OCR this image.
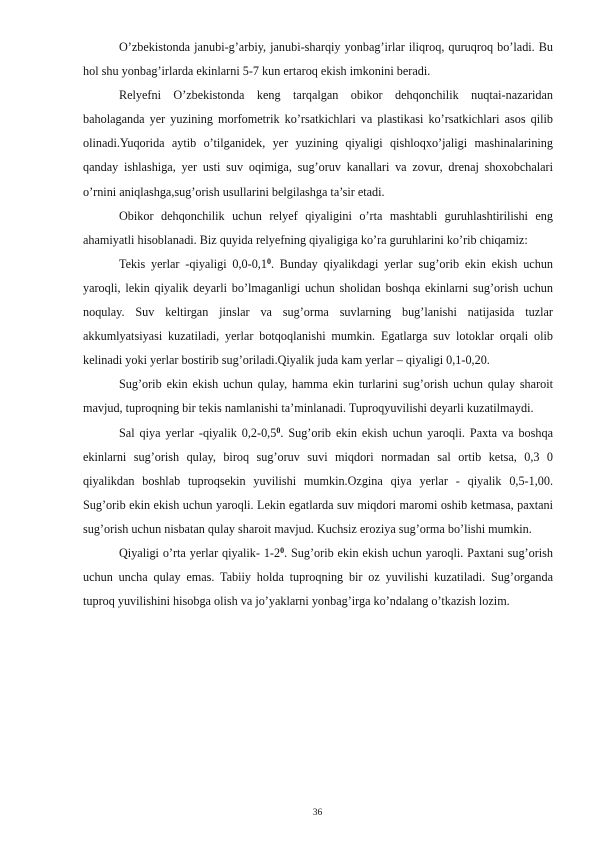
O’zbekistonda janubi-g’arbiy, janubi-sharqiy yonbag’irlar iliqroq, quruqroq bo’ladi. Bu hol shu yonbag’irlarda ekinlarni 5-7 kun ertaroq ekish imkonini beradi.

Relyefni O’zbekistonda keng tarqalgan obikor dehqonchilik nuqtai-nazaridan baholaganda yer yuzining morfometrik ko’rsatkichlari va plastikasi ko’rsatkichlari asos qilib olinadi.Yuqorida aytib o’tilganidek, yer yuzining qiyaligi qishloqxo’jaligi mashinalarining qanday ishlashiga, yer usti suv oqimiga, sug’oruv kanallari va zovur, drenaj shoxobchalari o’rnini aniqlashga,sug’orish usullarini belgilashga ta’sir etadi.

Obikor dehqonchilik uchun relyef qiyaligini o’rta mashtabli guruhlashtirilishi eng ahamiyatli hisoblanadi. Biz quyida relyefning qiyaligiga ko’ra guruhlarini ko’rib chiqamiz:

Tekis yerlar -qiyaligi $0,0-0,1^0$. Bunday qiyalikdagi yerlar sug’orib ekin ekish uchun yaroqli, lekin qiyalik deyarli bo’lmaganligi uchun sholidan boshqa ekinlarni sug’orish uchun noqulay. Suv keltirgan jinslar va sug’orma suvlarning bug’lanishi natijasida tuzlar akkumlyatsiyasi kuzatiladi, yerlar botqoqlanishi mumkin. Egatlarga suv lotoklar orqali olib kelinadi yoki yerlar bostirib sug’oriladi.Qiyalik juda kam yerlar – qiyaligi 0,1-0,20.

Sug’orib ekin ekish uchun qulay, hamma ekin turlarini sug’orish uchun qulay sharoit mavjud, tuproqning bir tekis namlanishi ta’minlanadi. Tuproqyuvilishi deyarli kuzatilmaydi.

Sal qiya yerlar -qiyalik $0,2-0,5^0$. Sug’orib ekin ekish uchun yaroqli. Paxta va boshqa ekinlarni sug’orish qulay, biroq sug’oruv suvi miqdori normadan sal ortib ketsa, 0,3 0 qiyalikdan boshlab tuproqsekin yuvilishi mumkin.Ozgina qiya yerlar - qiyalik 0,5-1,00. Sug’orib ekin ekish uchun yaroqli. Lekin egatlarda suv miqdori maromi oshib ketmasa, paxtani sug’orish uchun nisbatan qulay sharoit mavjud. Kuchsiz eroziya sug’orma bo’lishi mumkin.

Qiyaligi o’rta yerlar qiyalik- $1-2^0$. Sug’orib ekin ekish uchun yaroqli. Paxtani sug’orish uchun uncha qulay emas. Tabiiy holda tuproqning bir oz yuvilishi kuzatiladi. Sug’organda tuproq yuvilishini hisobga olish va jo’yaklarni yonbag’irga ko’ndalang o’tkazish lozim.

36
